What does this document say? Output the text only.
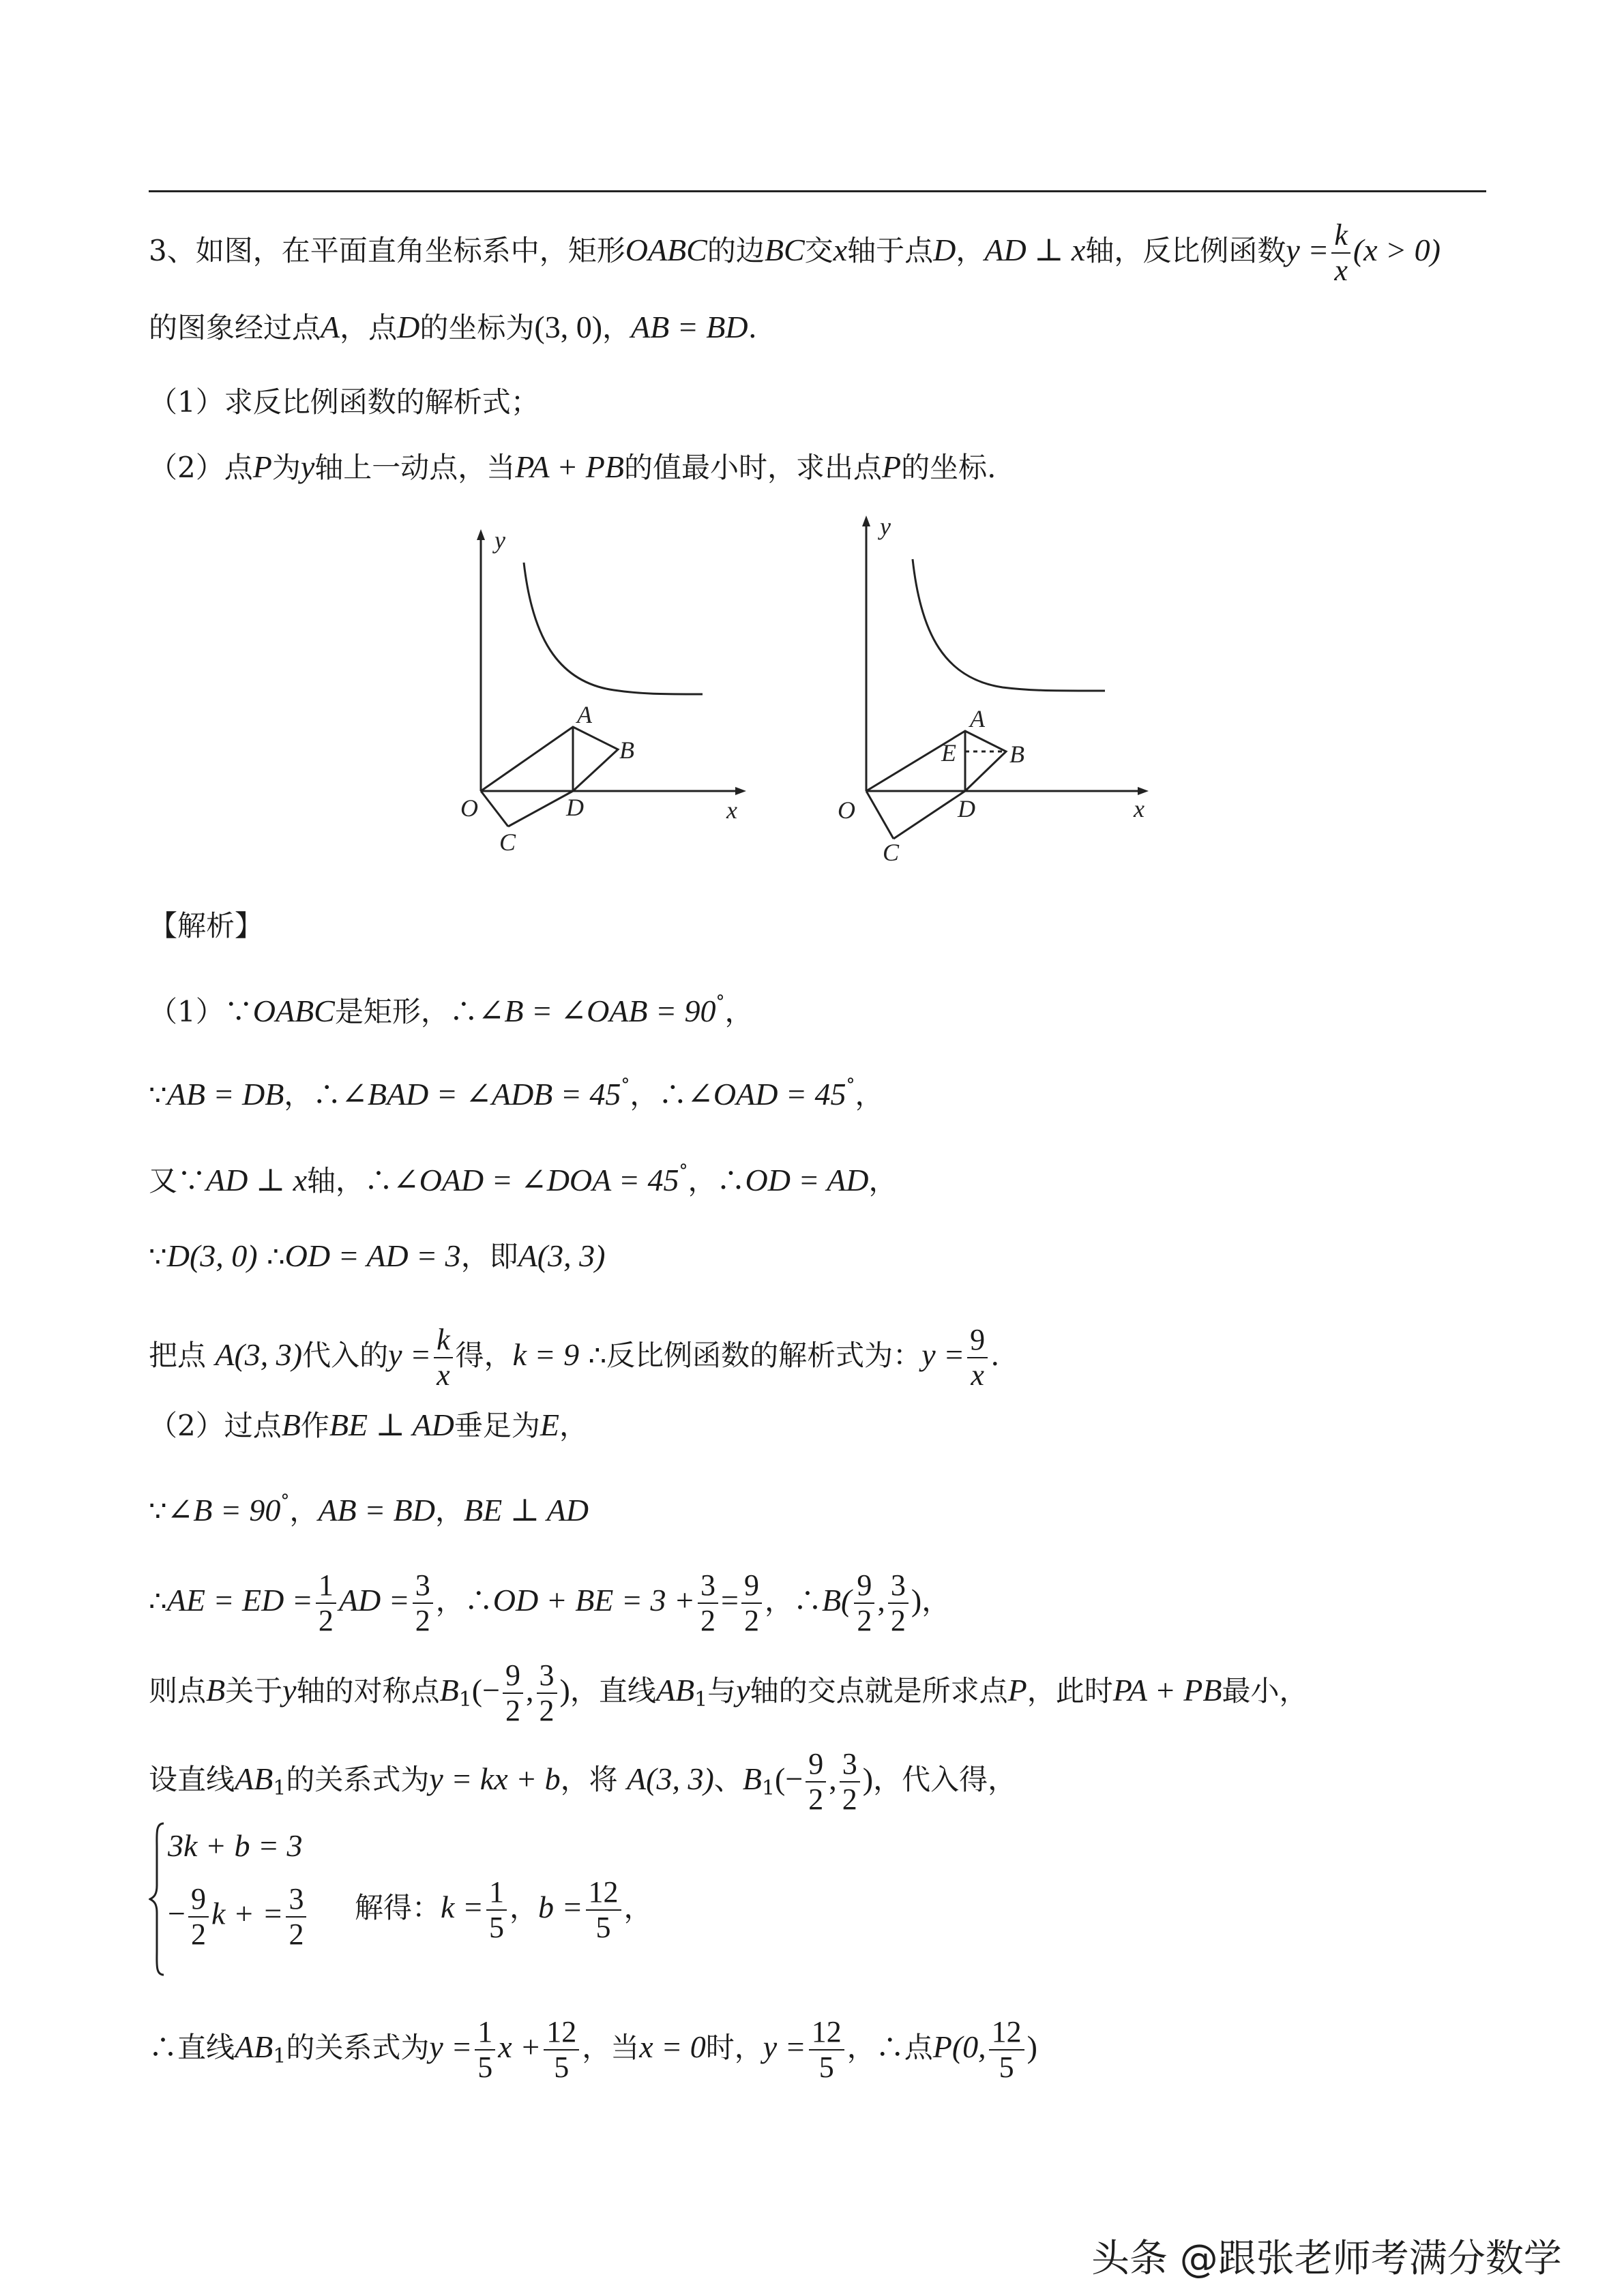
3、如图，在平面直角坐标系中，矩形OABC的边BC交x轴于点D，AD ⊥ x轴，反比例函数$y = \frac{k}{x} (x > 0)$
的图象经过点A，点D的坐标为(3, 0)，AB = BD.
（1）求反比例函数的解析式；
（2）点P为y轴上一动点，当PA + PB的值最小时，求出点P的坐标.
y
x
O
A
B
D
C
y
x
O
A
B
E
D
C
【解析】
（1）∵OABC是矩形，∴∠B = ∠OAB = 90°，
∵AB = DB，∴∠BAD = ∠ADB = 45°，∴∠OAD = 45°，
又∵AD ⊥ x轴，∴∠OAD = ∠DOA = 45°，∴OD = AD，
∵D(3, 0) ∴OD = AD = 3，即A(3, 3)
把点 A(3, 3)代入的$y = \frac{k}{x}$ 得，k = 9 ∴反比例函数的解析式为：$y = \frac{9}{x}$ .
（2）过点B作BE ⊥ AD垂足为E，
∵∠B = 90°，AB = BD，BE ⊥ AD
∴AE = ED = $\frac{1}{2}$ AD = $\frac{3}{2}$ ，∴OD + BE = $3 + \frac{3}{2} = \frac{9}{2}$ ，∴B( $\frac{9}{2}$ , $\frac{3}{2}$ )，
则点B关于y轴的对称点$B_1(- \frac{9}{2}$ , $\frac{3}{2}$ )，直线$AB_1$与y轴的交点就是所求点P，此时PA + PB最小，
设直线$AB_1$的关系式为y = kx + b，将 A(3, 3)、$B_1(- \frac{9}{2}$ , $\frac{3}{2}$ )，代入得，
3k + b = 3
− $\frac{9}{2}$ k + = $\frac{3}{2}$ 解得：$k = \frac{1}{5}$ ，$b = \frac{12}{5}$ ，
∴直线$AB_1$的关系式为$y = \frac{1}{5}$ $x + \frac{12}{5}$ ，当x = 0时，$y = \frac{12}{5}$ ，∴点P(0, $\frac{12}{5}$ )
头条 @跟张老师考满分数学
